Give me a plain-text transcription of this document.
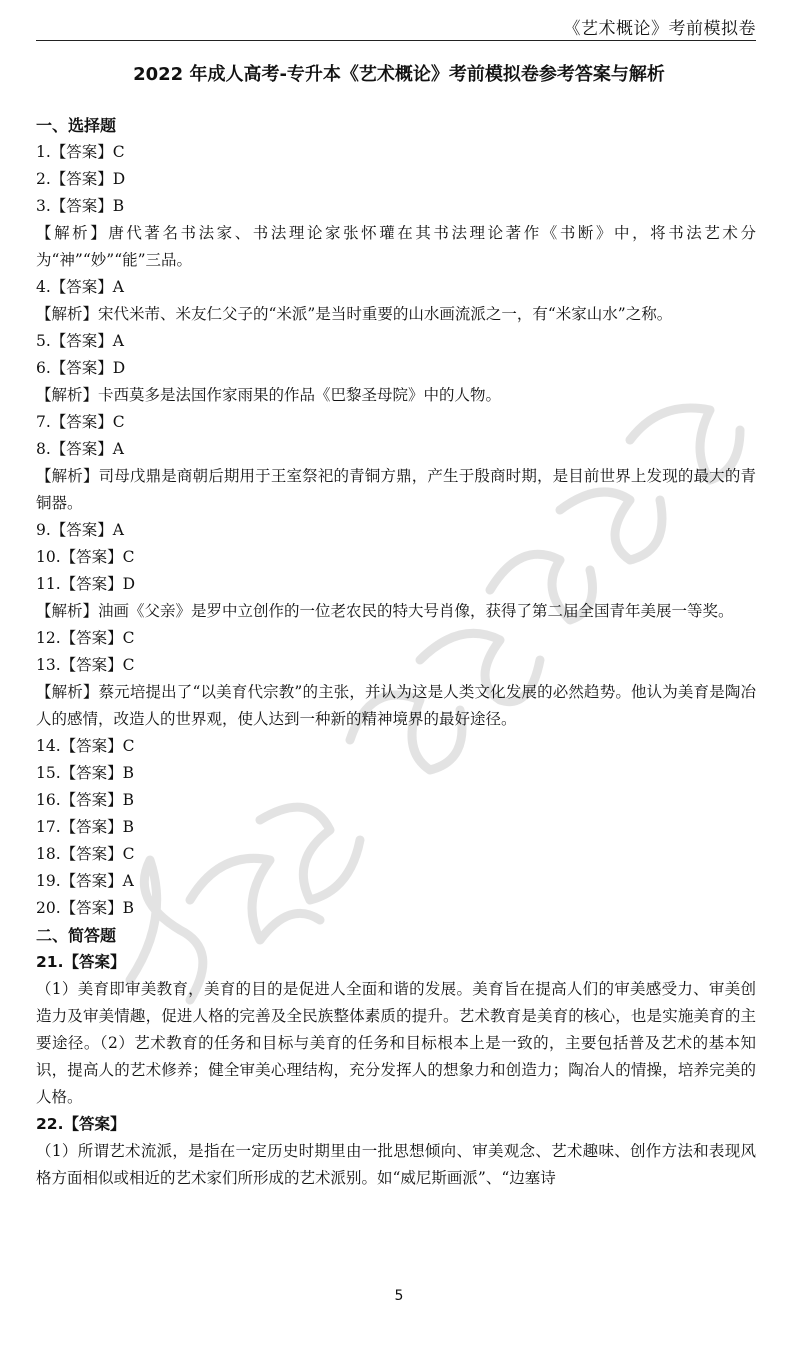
《艺术概论》考前模拟卷
2022 年成人高考-专升本《艺术概论》考前模拟卷参考答案与解析
一、选择题
1.【答案】C
2.【答案】D
3.【答案】B
【解析】唐代著名书法家、书法理论家张怀瓘在其书法理论著作《书断》中，将书法艺术分为“神”“妙”“能”三品。
4.【答案】A
【解析】宋代米芾、米友仁父子的“米派”是当时重要的山水画流派之一，有“米家山水”之称。
5.【答案】A
6.【答案】D
【解析】卡西莫多是法国作家雨果的作品《巴黎圣母院》中的人物。
7.【答案】C
8.【答案】A
【解析】司母戊鼎是商朝后期用于王室祭祀的青铜方鼎，产生于殷商时期，是目前世界上发现的最大的青铜器。
9.【答案】A
10.【答案】C
11.【答案】D
【解析】油画《父亲》是罗中立创作的一位老农民的特大号肖像，获得了第二届全国青年美展一等奖。
12.【答案】C
13.【答案】C
【解析】蔡元培提出了“以美育代宗教”的主张，并认为这是人类文化发展的必然趋势。他认为美育是陶冶人的感情，改造人的世界观，使人达到一种新的精神境界的最好途径。
14.【答案】C
15.【答案】B
16.【答案】B
17.【答案】B
18.【答案】C
19.【答案】A
20.【答案】B
二、简答题
21.【答案】
（1）美育即审美教育，美育的目的是促进人全面和谐的发展。美育旨在提高人们的审美感受力、审美创造力及审美情趣，促进人格的完善及全民族整体素质的提升。艺术教育是美育的核心，也是实施美育的主要途径。（2）艺术教育的任务和目标与美育的任务和目标根本上是一致的，主要包括普及艺术的基本知识，提高人的艺术修养；健全审美心理结构，充分发挥人的想象力和创造力；陶冶人的情操，培养完美的人格。
22.【答案】
（1）所谓艺术流派，是指在一定历史时期里由一批思想倾向、审美观念、艺术趣味、创作方法和表现风格方面相似或相近的艺术家们所形成的艺术派别。如“威尼斯画派”、“边塞诗
5
